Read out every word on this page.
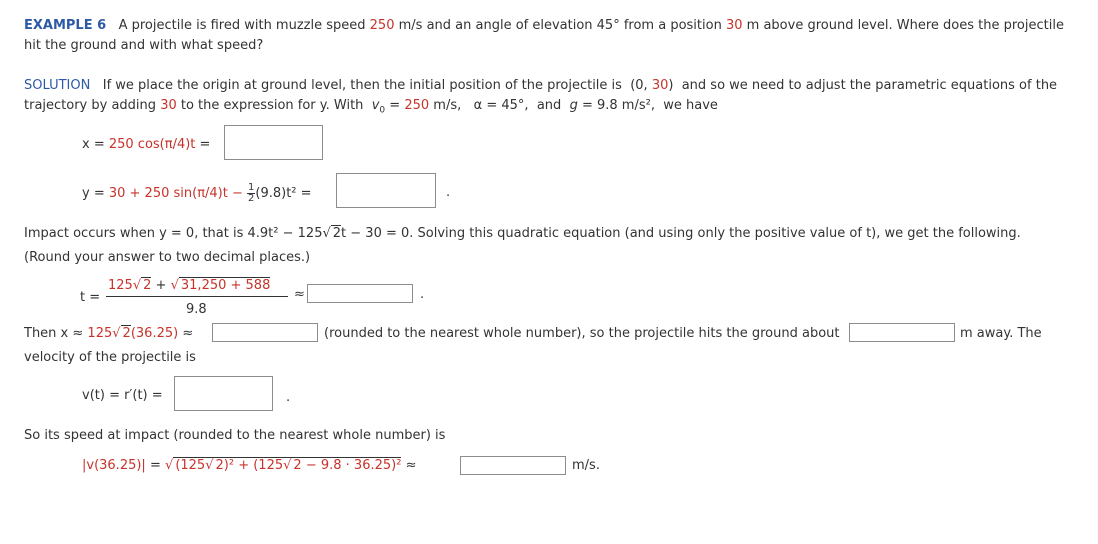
EXAMPLE 6 A projectile is fired with muzzle speed 250 m/s and an angle of elevation 45° from a position 30 m above ground level. Where does the projectile
hit the ground and with what speed?
SOLUTION If we place the origin at ground level, then the initial position of the projectile is (0, 30) and so we need to adjust the parametric equations of the
trajectory by adding 30 to the expression for y. With $v_0 = 250$ m/s, α = 45°, and g = 9.8 m/s², we have
x = 250 cos(π/4)t =
y = 30 + 250 $\sin(\pi/4)t - \frac{1}{2} (9.8)t^2$ =	.
Impact occurs when y = 0, that is 4.9t² − 125√ 2t − 30 = 0. Solving this quadratic equation (and using only the positive value of t), we get the following.
(Round your answer to two decimal places.)
t =
125√ 2 + √ 31,250 + 588
9.8
≈	.
Then x ≈ 125√ 2(36.25) ≈	(rounded to the nearest whole number), so the projectile hits the ground about	m away. The
velocity of the projectile is
v(t) = r′(t) =	.
So its speed at impact (rounded to the nearest whole number) is
|v(36.25)| = √ (125√ 2)² + (125√ 2 − 9.8 · 36.25)² ≈	m/s.
